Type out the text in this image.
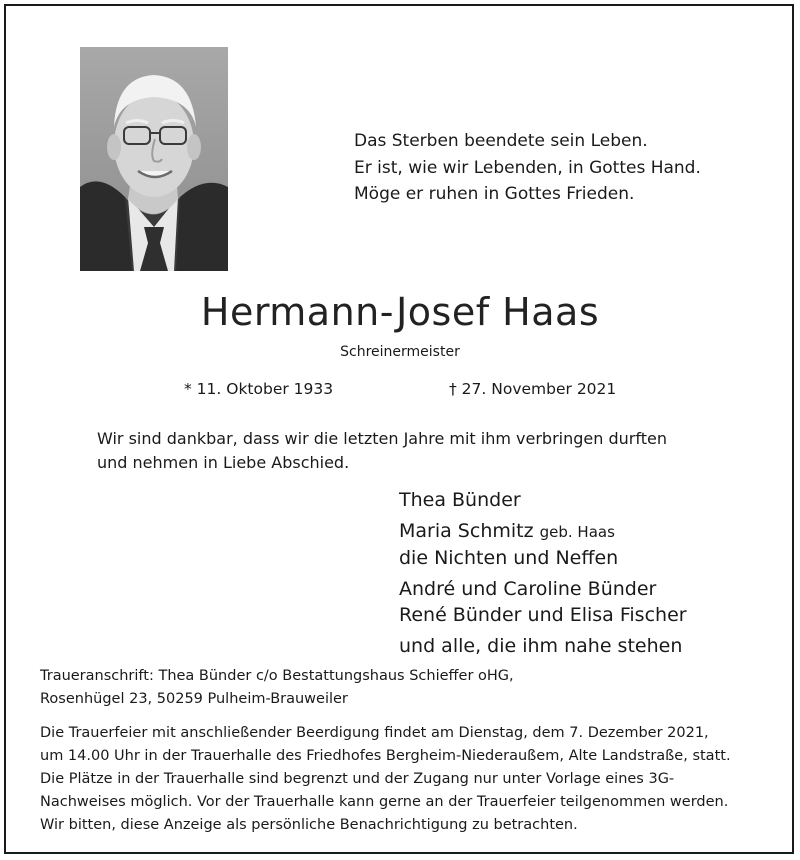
Das Sterben beendete sein Leben.
Er ist, wie wir Lebenden, in Gottes Hand.
Möge er ruhen in Gottes Frieden.
Hermann-Josef Haas
Schreinermeister
* 11. Oktober 1933	† 27. November 2021
Wir sind dankbar, dass wir die letzten Jahre mit ihm verbringen durften
und nehmen in Liebe Abschied.
Thea Bünder
Maria Schmitz geb. Haas
die Nichten und Neffen
André und Caroline Bünder
René Bünder und Elisa Fischer
und alle, die ihm nahe stehen
Traueranschrift: Thea Bünder c/o Bestattungshaus Schieffer oHG,
Rosenhügel 23, 50259 Pulheim-Brauweiler
Die Trauerfeier mit anschließender Beerdigung findet am Dienstag, dem 7. Dezember 2021,
um 14.00 Uhr in der Trauerhalle des Friedhofes Bergheim-Niederaußem, Alte Landstraße, statt.
Die Plätze in der Trauerhalle sind begrenzt und der Zugang nur unter Vorlage eines 3G-
Nachweises möglich. Vor der Trauerhalle kann gerne an der Trauerfeier teilgenommen werden.
Wir bitten, diese Anzeige als persönliche Benachrichtigung zu betrachten.
